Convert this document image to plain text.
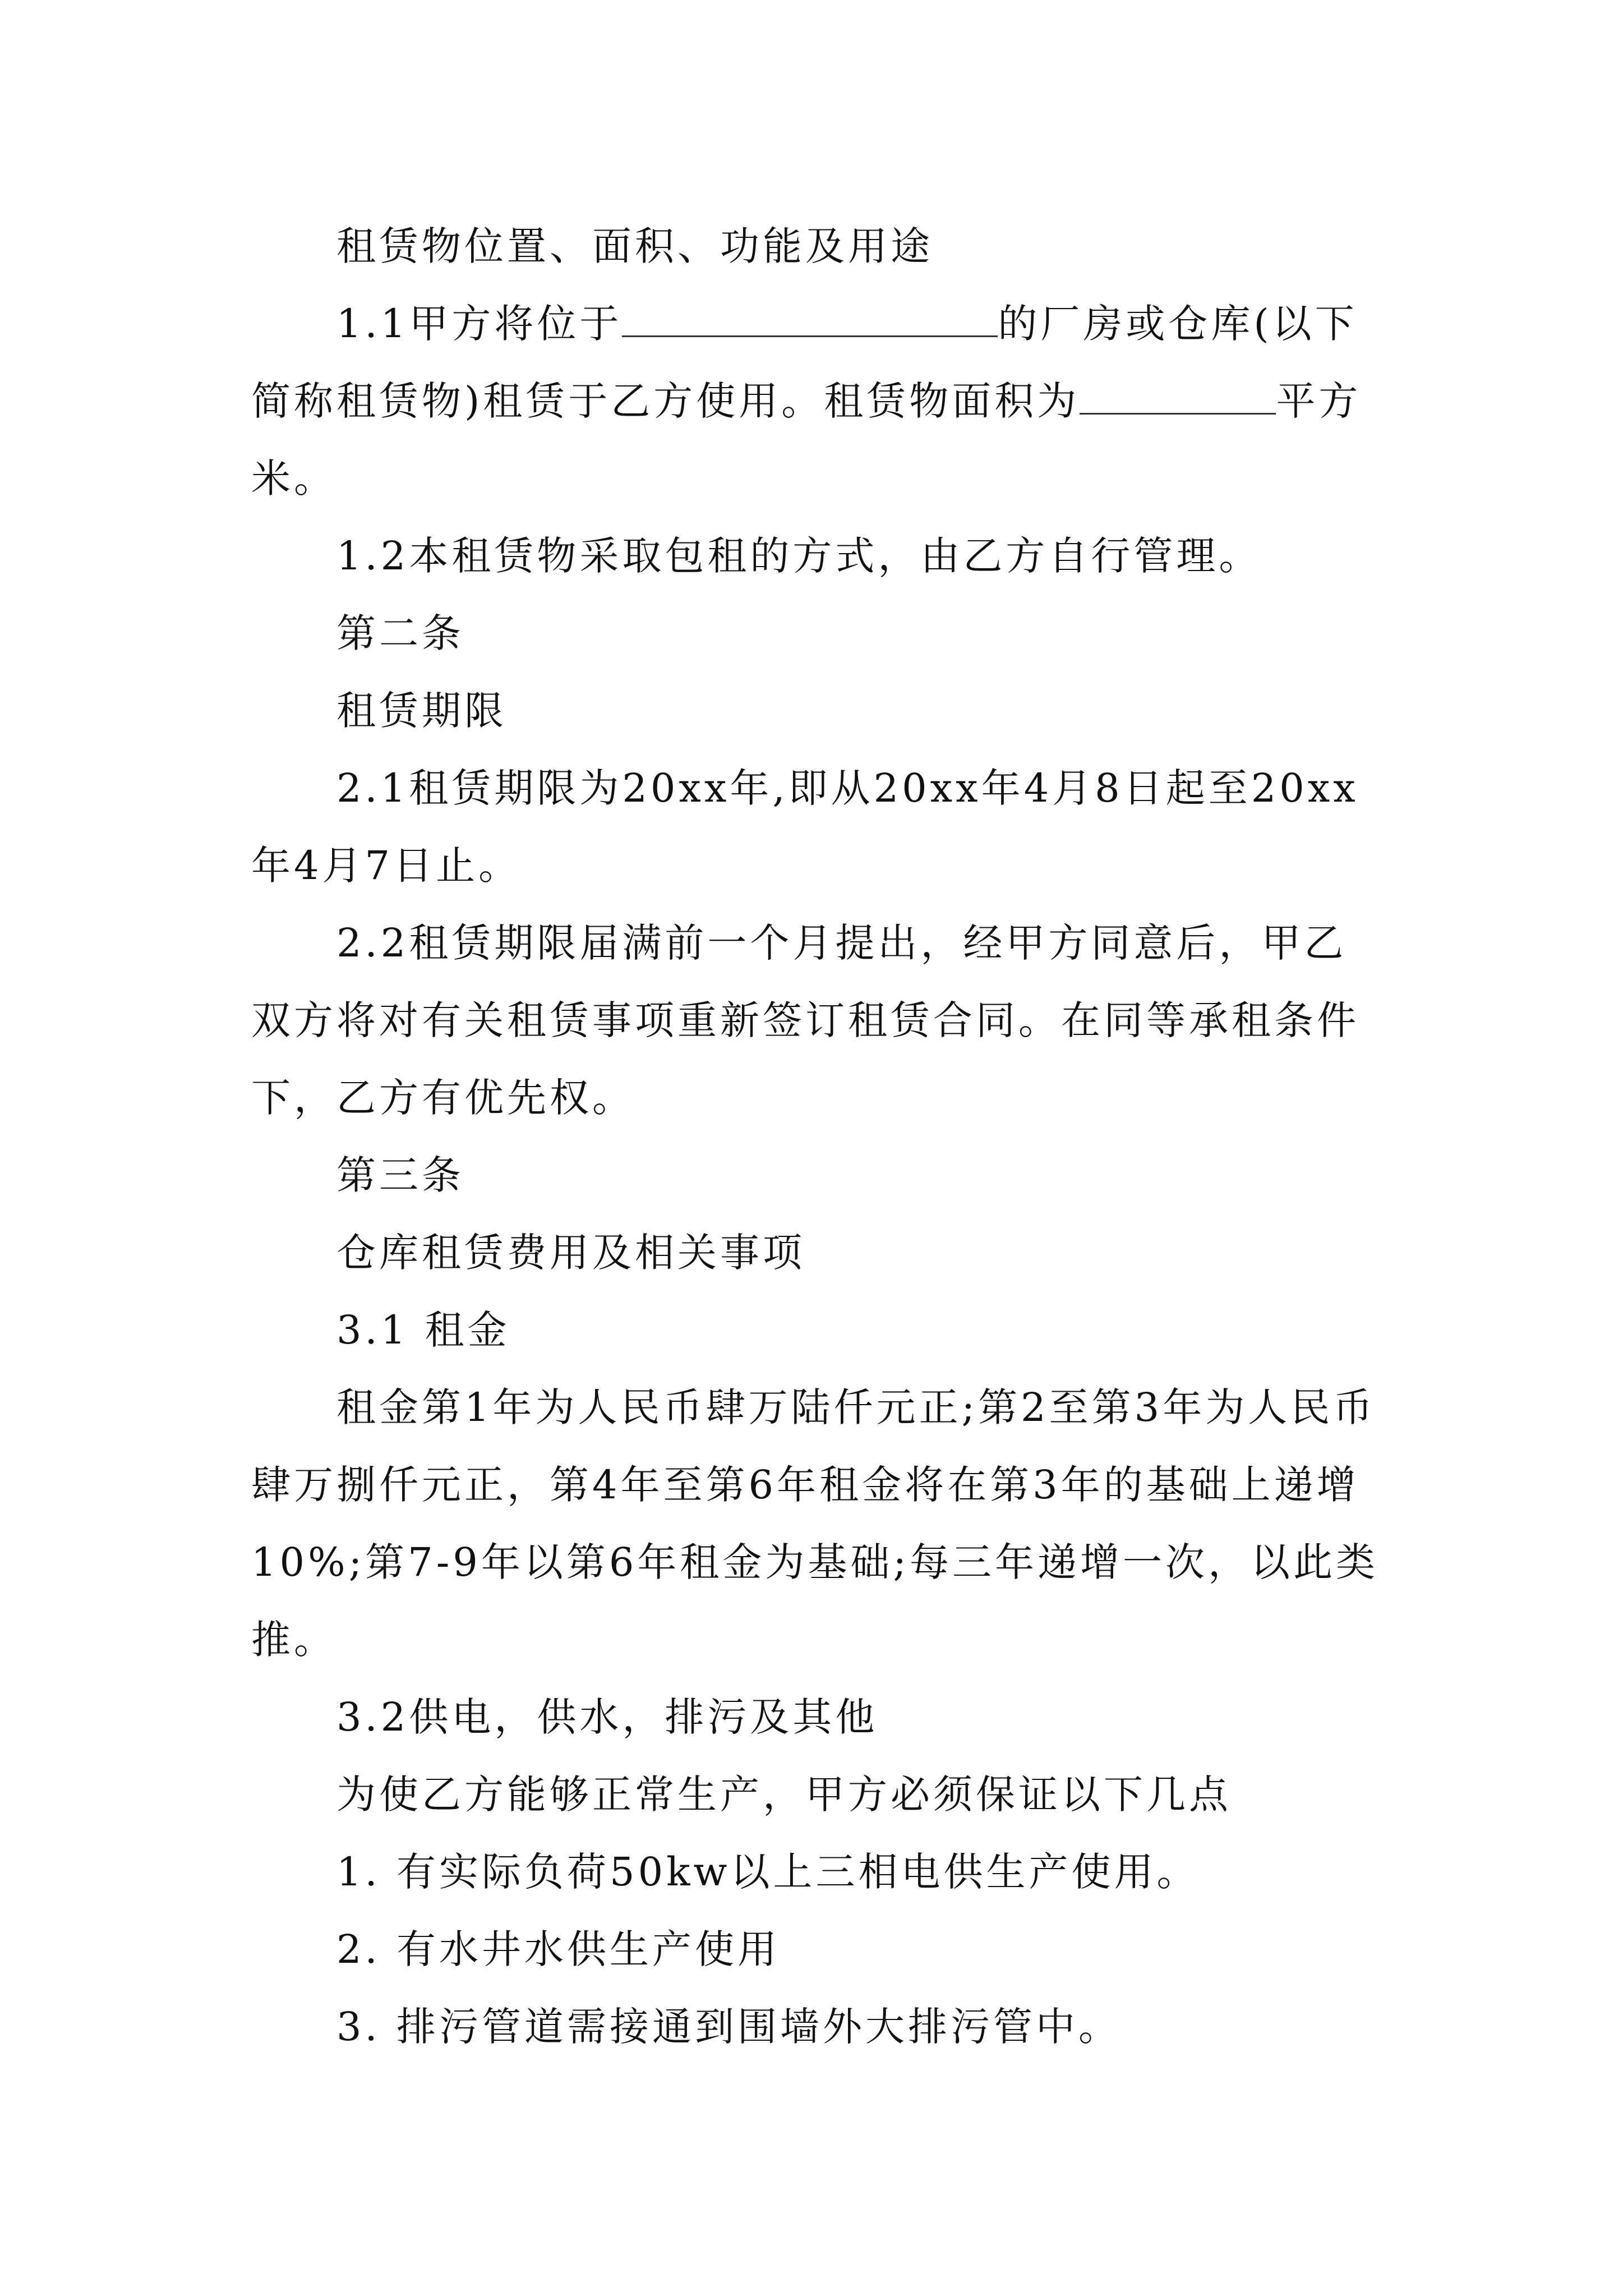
租赁物位置、面积、功能及用途

1.1甲方将位于	的厂房或仓库(以下简称租赁物)租赁于乙方使用。租赁物面积为	平方米。

1.2本租赁物采取包租的方式，由乙方自行管理。

第二条

租赁期限

2.1租赁期限为20xx年,即从20xx年4月8日起至20xx年4月7日止。

2.2租赁期限届满前一个月提出，经甲方同意后，甲乙双方将对有关租赁事项重新签订租赁合同。在同等承租条件下，乙方有优先权。

第三条

仓库租赁费用及相关事项

3.1 租金

租金第1年为人民币肆万陆仟元正;第2至第3年为人民币肆万捌仟元正，第4年至第6年租金将在第3年的基础上递增10%;第7-9年以第6年租金为基础;每三年递增一次，以此类推。

3.2供电，供水，排污及其他

为使乙方能够正常生产，甲方必须保证以下几点

1. 有实际负荷50kw以上三相电供生产使用。

2. 有水井水供生产使用

3. 排污管道需接通到围墙外大排污管中。
